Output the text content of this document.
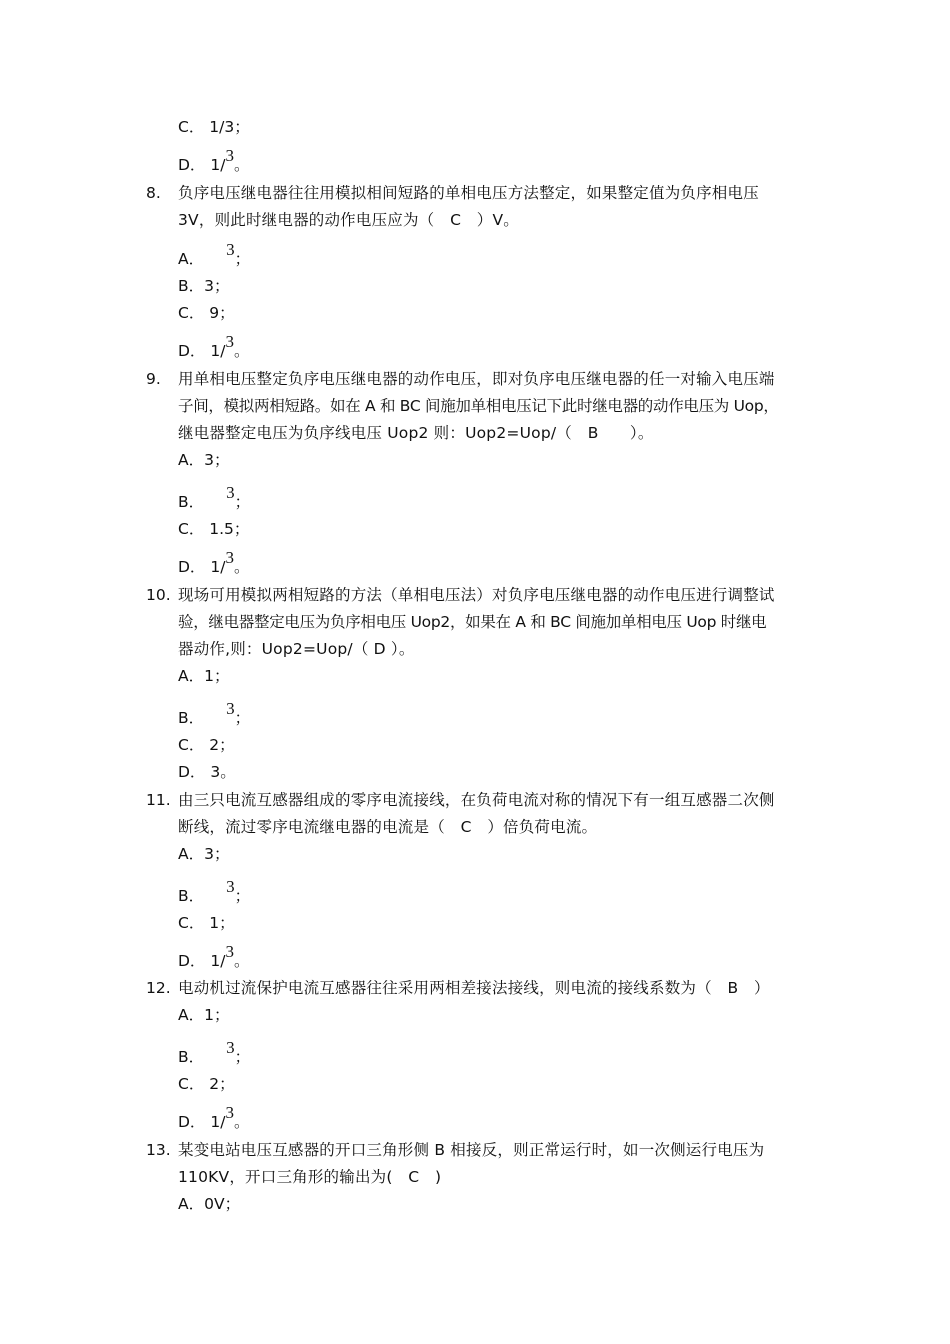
C． 1/3；
D． 1/3。
8. 负序电压继电器往往用模拟相间短路的单相电压方法整定，如果整定值为负序相电压
3V，则此时继电器的动作电压应为（　C　）V。
A． 3；
B．3；
C． 9；
D． 1/3。
9. 用单相电压整定负序电压继电器的动作电压，即对负序电压继电器的任一对输入电压端
子间，模拟两相短路。如在 A 和 BC 间施加单相电压记下此时继电器的动作电压为 Uop，
继电器整定电压为负序线电压 Uop2 则：Uop2=Uop/（　B　　）。
A．3；
B． 3；
C． 1.5；
D． 1/3。
10. 现场可用模拟两相短路的方法（单相电压法）对负序电压继电器的动作电压进行调整试
验，继电器整定电压为负序相电压 Uop2，如果在 A 和 BC 间施加单相电压 Uop 时继电
器动作,则：Uop2=Uop/（ D ）。
A．1；
B． 3；
C． 2；
D． 3。
11. 由三只电流互感器组成的零序电流接线，在负荷电流对称的情况下有一组互感器二次侧
断线，流过零序电流继电器的电流是（　C　）倍负荷电流。
A．3；
B． 3；
C． 1；
D． 1/3。
12. 电动机过流保护电流互感器往往采用两相差接法接线，则电流的接线系数为（　B　）
A．1；
B． 3；
C． 2；
D． 1/3。
13. 某变电站电压互感器的开口三角形侧 B 相接反，则正常运行时，如一次侧运行电压为
110KV，开口三角形的输出为(　C　)
A．0V；
